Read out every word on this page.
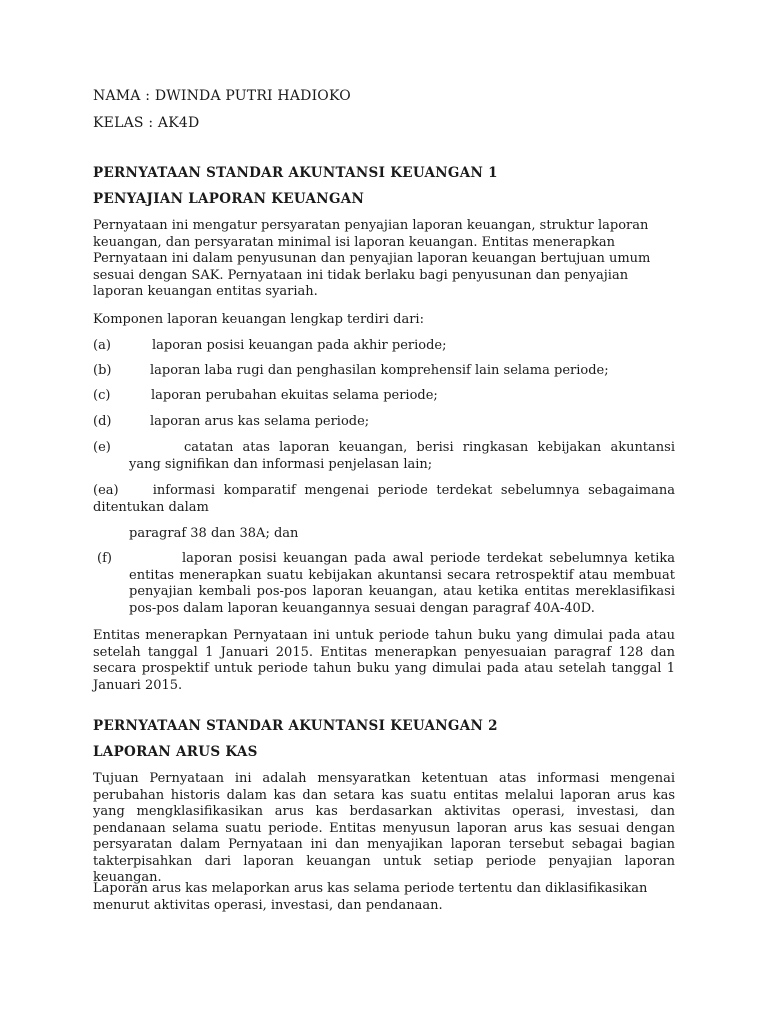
NAMA : DWINDA PUTRI HADIOKO

KELAS : AK4D

PERNYATAAN STANDAR AKUNTANSI KEUANGAN 1

PENYAJIAN LAPORAN KEUANGAN

Pernyataan ini mengatur persyaratan penyajian laporan keuangan, struktur laporan keuangan, dan persyaratan minimal isi laporan keuangan. Entitas menerapkan Pernyataan ini dalam penyusunan dan penyajian laporan keuangan bertujuan umum sesuai dengan SAK. Pernyataan ini tidak berlaku bagi penyusunan dan penyajian laporan keuangan entitas syariah.

Komponen laporan keuangan lengkap terdiri dari:

(a)	laporan posisi keuangan pada akhir periode;
(b)	laporan laba rugi dan penghasilan komprehensif lain selama periode;
(c)	laporan perubahan ekuitas selama periode;
(d)	laporan arus kas selama periode;
(e)	catatan atas laporan keuangan, berisi ringkasan kebijakan akuntansi yang signifikan dan informasi penjelasan lain;
(ea)	informasi komparatif mengenai periode terdekat sebelumnya sebagaimana ditentukan dalam
paragraf 38 dan 38A; dan
(f)	laporan posisi keuangan pada awal periode terdekat sebelumnya ketika entitas menerapkan suatu kebijakan akuntansi secara retrospektif atau membuat penyajian kembali pos-pos laporan keuangan, atau ketika entitas mereklasifikasi pos-pos dalam laporan keuangannya sesuai dengan paragraf 40A-40D.

Entitas menerapkan Pernyataan ini untuk periode tahun buku yang dimulai pada atau setelah tanggal 1 Januari 2015. Entitas menerapkan penyesuaian paragraf 128 dan secara prospektif untuk periode tahun buku yang dimulai pada atau setelah tanggal 1 Januari 2015.

PERNYATAAN STANDAR AKUNTANSI KEUANGAN 2

LAPORAN ARUS KAS

Tujuan Pernyataan ini adalah mensyaratkan ketentuan atas informasi mengenai perubahan historis dalam kas dan setara kas suatu entitas melalui laporan arus kas yang mengklasifikasikan arus kas berdasarkan aktivitas operasi, investasi, dan pendanaan selama suatu periode. Entitas menyusun laporan arus kas sesuai dengan persyaratan dalam Pernyataan ini dan menyajikan laporan tersebut sebagai bagian takterpisahkan dari laporan keuangan untuk setiap periode penyajian laporan keuangan.

Laporan arus kas melaporkan arus kas selama periode tertentu dan diklasifikasikan menurut aktivitas operasi, investasi, dan pendanaan.
